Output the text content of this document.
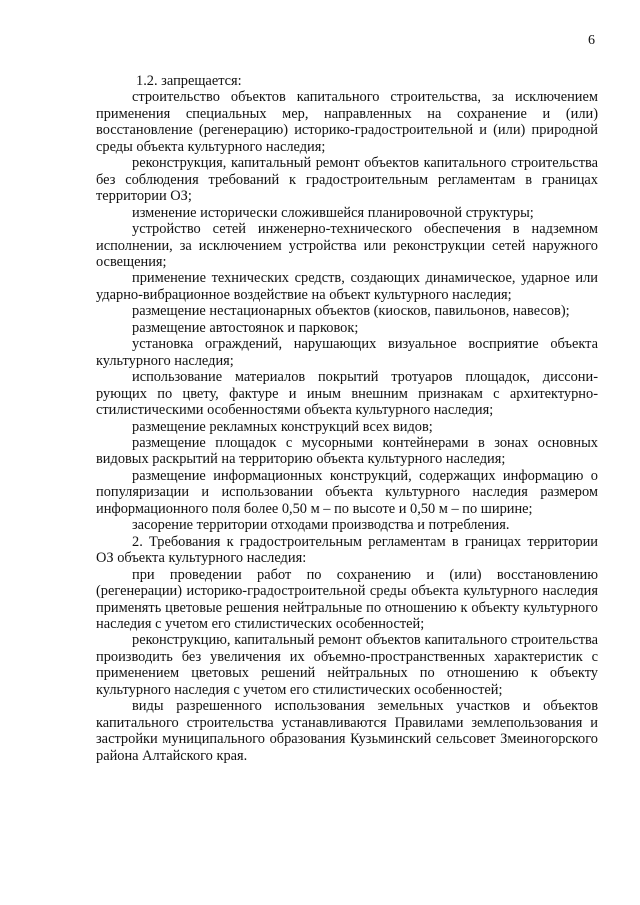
6

1.2. запрещается:

строительство объектов капитального строительства, за исключением применения специальных мер, направленных на сохранение и (или) восстановление (регенерацию) историко-градостроительной и (или) природной среды объекта культурного наследия;

реконструкция, капитальный ремонт объектов капитального строительства без соблюдения требований к градостроительным регламентам в границах территории ОЗ;

изменение исторически сложившейся планировочной структуры;

устройство сетей инженерно-технического обеспечения в надземном исполнении, за исключением устройства или реконструкции сетей наружного освещения;

применение технических средств, создающих динамическое, ударное или ударно-вибрационное воздействие на объект культурного наследия;

размещение нестационарных объектов (киосков, павильонов, навесов);

размещение автостоянок и парковок;

установка ограждений, нарушающих визуальное восприятие объекта культурного наследия;

использование материалов покрытий тротуаров площадок, диссонирующих по цвету, фактуре и иным внешним признакам с архитектурно-стилистическими особенностями объекта культурного наследия;

размещение рекламных конструкций всех видов;

размещение площадок с мусорными контейнерами в зонах основных видовых раскрытий на территорию объекта культурного наследия;

размещение информационных конструкций, содержащих информацию о популяризации и использовании объекта культурного наследия размером информационного поля более 0,50 м – по высоте и 0,50 м – по ширине;

засорение территории отходами производства и потребления.

2. Требования к градостроительным регламентам в границах территории ОЗ объекта культурного наследия:

при проведении работ по сохранению и (или) восстановлению (регенерации) историко-градостроительной среды объекта культурного наследия применять цветовые решения нейтральные по отношению к объекту культурного наследия с учетом его стилистических особенностей;

реконструкцию, капитальный ремонт объектов капитального строительства производить без увеличения их объемно-пространственных характеристик с применением цветовых решений нейтральных по отношению к объекту культурного наследия с учетом его стилистических особенностей;

виды разрешенного использования земельных участков и объектов капитального строительства устанавливаются Правилами землепользования и застройки муниципального образования Кузьминский сельсовет Змеиногорского района Алтайского края.
